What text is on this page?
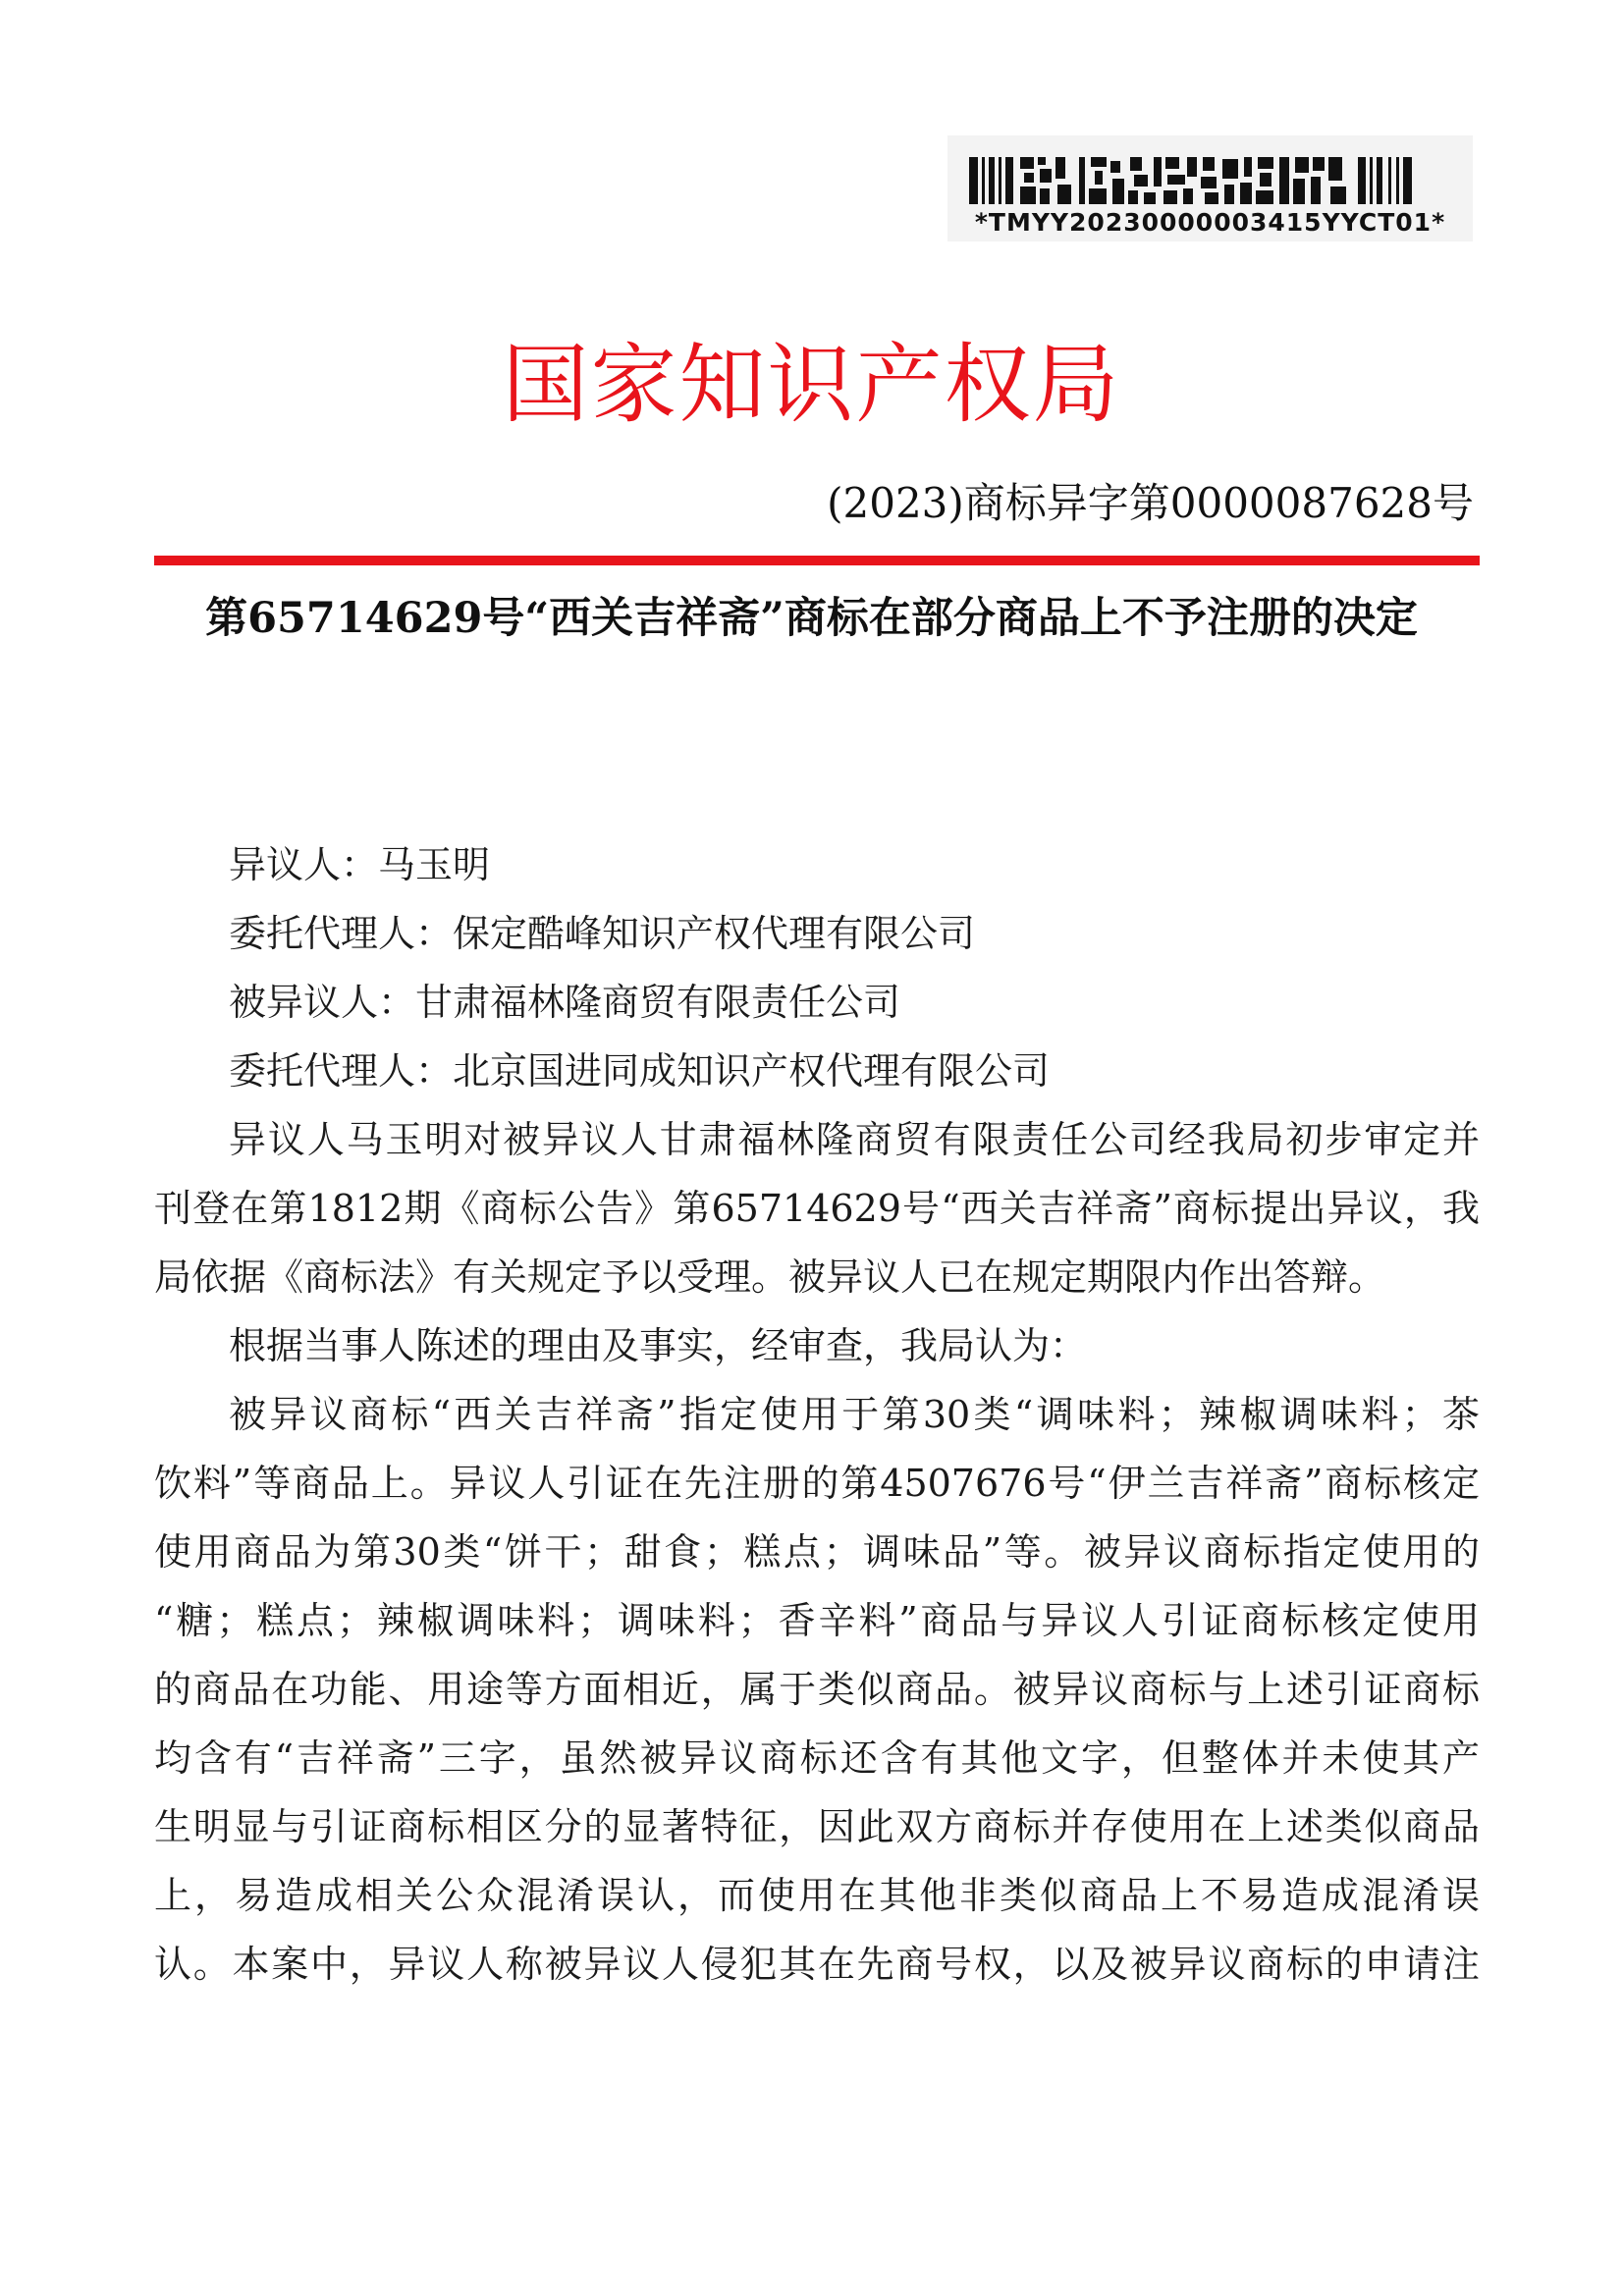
*TMYY20230000003415YYCT01*
国家知识产权局
(2023)商标异字第0000087628号
第65714629号“西关吉祥斋”商标在部分商品上不予注册的决定
异议人：马玉明
委托代理人：保定酷峰知识产权代理有限公司
被异议人：甘肃福林隆商贸有限责任公司
委托代理人：北京国进同成知识产权代理有限公司
异议人马玉明对被异议人甘肃福林隆商贸有限责任公司经我局初步审定并
刊登在第1812期《商标公告》第65714629号“西关吉祥斋”商标提出异议，我
局依据《商标法》有关规定予以受理。被异议人已在规定期限内作出答辩。
根据当事人陈述的理由及事实，经审查，我局认为：
被异议商标“西关吉祥斋”指定使用于第30类“调味料；辣椒调味料；茶
饮料”等商品上。异议人引证在先注册的第4507676号“伊兰吉祥斋”商标核定
使用商品为第30类“饼干；甜食；糕点；调味品”等。被异议商标指定使用的
“糖；糕点；辣椒调味料；调味料；香辛料”商品与异议人引证商标核定使用
的商品在功能、用途等方面相近，属于类似商品。被异议商标与上述引证商标
均含有“吉祥斋”三字，虽然被异议商标还含有其他文字，但整体并未使其产
生明显与引证商标相区分的显著特征，因此双方商标并存使用在上述类似商品
上，易造成相关公众混淆误认，而使用在其他非类似商品上不易造成混淆误
认。本案中，异议人称被异议人侵犯其在先商号权，以及被异议商标的申请注
